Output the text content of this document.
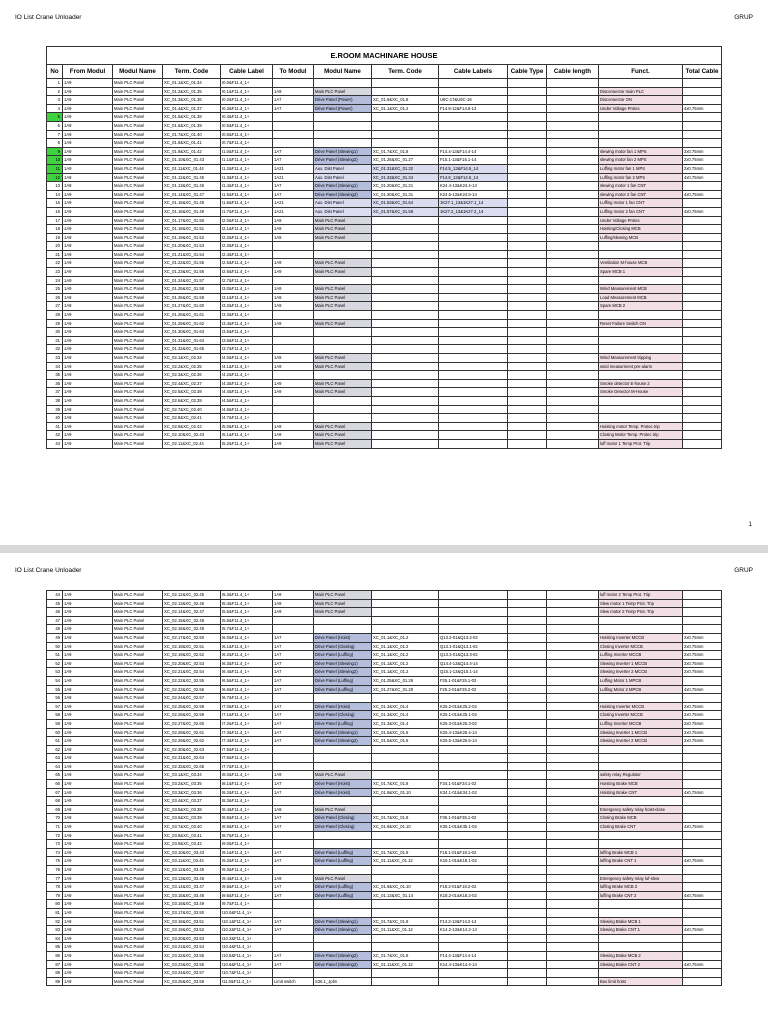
IO List Crane Unloader	GRUP
E.ROOM MACHINARE HOUSE												
No	From Modul	Modul Name	Term. Code	Cable Label	To Modul	Modul Name	Term. Code	Cable Labels	Cable Type	Cable length	Funct.	Total Cable
1	1A9	Main PLC Panel	XC_01.1&XC_01.34	I0.0&F11.4_1+								
2	1A9	Main PLC Panel	XC_01.2&XC_01.35	I0.1&F11.4_1+	1A9	Main PLC Panel					Disconnector main PLC	
3	1A9	Main PLC Panel	XC_01.3&XC_01.36	I0.2&F11.4_1+	1A7	Drive Panel (Power)	XC_01.9&XC_01.8	U6C-17&U6C-16			Disconnector ON	
4	1A9	Main PLC Panel	XC_01.4&XC_01.37	I0.3&F11.4_1+	1A7	Drive Panel (Power)	XC_01.1&XC_01.2	F14.8-12&F14.8-13			Under Voltage Protec	4x0,75mm
5	1A9	Main PLC Panel	XC_01.5&XC_01.38	I0.4&F11.4_1+								
6	1A9	Main PLC Panel	XC_01.6&XC_01.39	I0.5&F11.4_1+								
7	1A9	Main PLC Panel	XC_01.7&XC_01.40	I0.6&F11.4_1+								
8	1A9	Main PLC Panel	XC_01.8&XC_01.41	I0.7&F11.4_1+								
9	1A9	Main PLC Panel	XC_01.9&XC_01.42	I1.0&F11.4_1+	1A7	Drive Panel (Slewing1)	XC_01.7&XC_01.8	F14.4-13&F14.4-14			slewing motor fan 1 MPS	2x0.75mm
10	1A9	Main PLC Panel	XC_01.10&XC_01.43	I1.1&F11.4_1+	1A7	Drive Panel (Slewing2)	XC_01.26&XC_01.27	F15.1-13&F15.1-14			slewing motor fan 2 MPS	2x0.75mm
11	1A9	Main PLC Panel	XC_01.11&XC_01.44	I1.2&F11.4_1+	1A21	Aux. Dist Panel	XC_01.31&XC_01.32	F14.5_13&F14.5_14			Luffing motor fan 1 MPS	2x0.75mm
12	1A9	Main PLC Panel	XC_01.12&XC_01.45	I1.3&F11.4_1+	1A21	Aux. Dist Panel	XC_01.33&XC_01.34	F14.6_13&F14.6_14			Luffing motor fan 2 MPS	4x0,75mm
13	1A9	Main PLC Panel	XC_01.13&XC_01.46	I1.4&F11.4_1+	1A7	Drive Panel (Slewing1)	XC_01.20&XC_01.21	K24.4-13&K24.4-14			slewing motor 1 fan CNT	
14	1A9	Main PLC Panel	XC_01.14&XC_01.47	I1.5&F11.4_1+	1A7	Drive Panel (Slewing2)	XC_01.30&XC_01.31	K24.5-13&K24.5-14			slewing motor 2 fan CNT	4x0,75mm
15	1A9	Main PLC Panel	XC_01.15&XC_01.48	I1.6&F11.4_1+	1A21	Aux. Dist Panel	XC_01.53&XC_01.54	1K27.1_13&1K27.1_14			Luffing motor 1 fan CNT	
16	1A9	Main PLC Panel	XC_01.16&XC_01.49	I1.7&F11.4_1+	1A21	Aux. Dist Panel	XC_01.57&XC_01.58	1K27.2_13&1K27.2_14			Luffing motor 2 fan CNT	4x0,75mm
17	1A9	Main PLC Panel	XC_01.17&XC_01.50	I2.0&F11.4_1+	1A9	Main PLC Panel					Under Voltage Protec	
18	1A9	Main PLC Panel	XC_01.18&XC_01.51	I2.1&F11.4_1+	1A9	Main PLC Panel					Hoisting/Closing MCB	
19	1A9	Main PLC Panel	XC_01.19&XC_01.52	I2.2&F11.4_1+	1A9	Main PLC Panel					Luffing/slewing MCB	
20	1A9	Main PLC Panel	XC_01.20&XC_01.53	I2.3&F11.4_1+								
21	1A9	Main PLC Panel	XC_01.21&XC_01.54	I2.4&F11.4_1+								
22	1A9	Main PLC Panel	XC_01.22&XC_01.55	I2.5&F11.4_1+	1A9	Main PLC Panel					Ventilation M-house MCB	
23	1A9	Main PLC Panel	XC_01.23&XC_01.56	I2.6&F11.4_1+	1A9	Main PLC Panel					Spare MCB 1	
24	1A9	Main PLC Panel	XC_01.24&XC_01.57	I2.7&F11.4_1+								
25	1A9	Main PLC Panel	XC_01.25&XC_01.58	I3.0&F11.4_1+	1A9	Main PLC Panel					Wind Measurement MCB	
26	1A9	Main PLC Panel	XC_01.26&XC_01.59	I3.1&F11.4_1+	1A9	Main PLC Panel					Load Measurement MCB	
27	1A9	Main PLC Panel	XC_01.27&XC_01.60	I3.2&F11.4_1+	1A9	Main PLC Panel					Spare MCB 2	
28	1A9	Main PLC Panel	XC_01.28&XC_01.61	I3.3&F11.4_1+								
29	1A9	Main PLC Panel	XC_01.29&XC_01.62	I3.4&F11.4_1+	1A9	Main PLC Panel					Reset Failure Switch ON	
30	1A9	Main PLC Panel	XC_01.30&XC_01.63	I3.5&F11.4_1+								
31	1A9	Main PLC Panel	XC_01.31&XC_01.64	I3.6&F11.4_1+								
32	1A9	Main PLC Panel	XC_01.32&XC_01.65	I3.7&F11.4_1+								
33	1A9	Main PLC Panel	XC_02.1&XC_02.34	I4.0&F11.4_1+	1A9	Main PLC Panel					Wind Measurement tripping	
34	1A9	Main PLC Panel	XC_02.2&XC_02.35	I4.1&F11.4_1+	1A9	Main PLC Panel					wind measurment pre-alarm	
35	1A9	Main PLC Panel	XC_02.3&XC_02.36	I4.2&F11.4_1+								
36	1A9	Main PLC Panel	XC_02.4&XC_02.37	I4.3&F11.4_1+	1A9	Main PLC Panel					Smoke detector E-house 2	
37	1A9	Main PLC Panel	XC_02.5&XC_02.38	I4.4&F11.4_1+	1A9	Main PLC Panel					Smoke Detector M-House	
38	1A9	Main PLC Panel	XC_02.6&XC_02.39	I4.5&F11.4_1+								
39	1A9	Main PLC Panel	XC_02.7&XC_02.40	I4.6&F11.4_1+								
40	1A9	Main PLC Panel	XC_02.8&XC_02.41	I4.7&F11.4_1+								
41	1A9	Main PLC Panel	XC_02.9&XC_02.42	I5.0&F11.4_1+	1A9	Main PLC Panel					Hoisting motor Temp. Protec trip	
42	1A9	Main PLC Panel	XC_02.10&XC_02.43	I5.1&F11.4_1+	1A9	Main PLC Panel					Closing Motor Temp. Protec trip	
43	1A9	Main PLC Panel	XC_02.11&XC_02.44	I5.2&F11.4_1+	1A9	Main PLC Panel					luff motor 1 Temp Prot. Trip	
1
IO List Crane Unloader	GRUP
44	1A9	Main PLC Panel	XC_02.12&XC_02.45	I5.3&F11.4_1+	1A9	Main PLC Panel					luff motor 2 Temp Prot. Trip	
45	1A9	Main PLC Panel	XC_02.13&XC_02.46	I5.4&F11.4_1+	1A9	Main PLC Panel					Slew motor 1 Temp Prot. Trip	
46	1A9	Main PLC Panel	XC_02.14&XC_02.47	I5.5&F11.4_1+	1A9	Main PLC Panel					Slew motor 2 Temp Prot. Trip	
47	1A9	Main PLC Panel	XC_02.15&XC_02.48	I5.6&F11.4_1+								
48	1A9	Main PLC Panel	XC_02.16&XC_02.49	I5.7&F11.4_1+								
49	1A9	Main PLC Panel	XC_02.17&XC_02.50	I6.0&F11.4_1+	1A7	Drive Panel (Hoist)	XC_01.1&XC_01.2	Q13.2-01&Q13.2-02			Hoisting Inverter MCCB	2x0.75mm
50	1A9	Main PLC Panel	XC_02.18&XC_02.51	I6.1&F11.4_1+	1A7	Drive Panel (Closing)	XC_01.1&XC_01.2	Q13.1-01&Q13.1-02			Closing Inverter MCCB	2x0.75mm
51	1A9	Main PLC Panel	XC_02.19&XC_02.52	I6.2&F11.4_1+	1A7	Drive Panel (Luffing)	XC_01.1&XC_01.2	Q13.3-01&Q13.3-02			Luffing Inverter MCCB	2x0.75mm
52	1A9	Main PLC Panel	XC_02.20&XC_02.53	I6.3&F11.4_1+	1A7	Drive Panel (Slewing1)	XC_01.1&XC_01.2	Q14.4-13&Q14.4-14			Slewing Inverter 1 MCCB	2x0.75mm
53	1A9	Main PLC Panel	XC_02.21&XC_02.54	I6.4&F11.4_1+	1A7	Drive Panel (Slewing2)	XC_01.1&XC_01.2	Q15.1-13&Q15.1-14			Slewing Inverter 2 MCCB	2x0.75mm
54	1A9	Main PLC Panel	XC_02.22&XC_02.55	I6.5&F11.4_1+	1A7	Drive Panel (Luffing)	XC_01.25&XC_01.26	F25.1-01&F25.1-02			Luffing Motor 1 MPCB	
55	1A9	Main PLC Panel	XC_02.23&XC_02.56	I6.6&F11.4_1+	1A7	Drive Panel (Luffing)	XC_01.27&XC_01.28	F25.2-01&F25.2-02			Luffing Motor 2 MPCB	4x0,75mm
56	1A9	Main PLC Panel	XC_02.24&XC_02.57	I6.7&F11.4_1+								
57	1A9	Main PLC Panel	XC_02.25&XC_02.58	I7.0&F11.4_1+	1A7	Drive Panel (Hoist)	XC_01.3&XC_01.4	K25.2-01&K25.2-02			Hoisting Inverter MCCB	2x0.75mm
58	1A9	Main PLC Panel	XC_02.26&XC_02.59	I7.1&F11.4_1+	1A7	Drive Panel (Closing)	XC_01.3&XC_01.4	K25.1-01&K25.1-02			Closing Inverter MCCB	2x0.75mm
59	1A9	Main PLC Panel	XC_02.27&XC_02.60	I7.2&F11.4_1+	1A7	Drive Panel (Luffing)	XC_01.3&XC_01.4	K25.3-01&K25.3-02			Luffing Inverter MCCB	2x0.75mm
60	1A9	Main PLC Panel	XC_02.28&XC_02.61	I7.3&F11.4_1+	1A7	Drive Panel (Slewing1)	XC_01.5&XC_01.6	K25.4-13&K25.4-14			Slewing Inverter 1 MCCB	2x0.75mm
61	1A9	Main PLC Panel	XC_02.29&XC_02.62	I7.4&F11.4_1+	1A7	Drive Panel (Slewing2)	XC_01.5&XC_01.6	K25.5-13&K25.5-14			Slewing Inverter 2 MCCB	2x0.75mm
62	1A9	Main PLC Panel	XC_02.30&XC_02.63	I7.5&F11.4_1+								
63	1A9	Main PLC Panel	XC_02.31&XC_02.64	I7.6&F11.4_1+								
64	1A9	Main PLC Panel	XC_02.32&XC_02.65	I7.7&F11.4_1+								
65	1A9	Main PLC Panel	XC_03.1&XC_03.34	I8.0&F11.4_1+	1A9	Main PLC Panel					safety relay Regulator	
66	1A9	Main PLC Panel	XC_03.2&XC_03.35	I8.1&F11.4_1+	1A7	Drive Panel (Hoist)	XC_01.7&XC_01.8	F34.1-01&F34.1-02			Hoisting Brake MCB	
67	1A9	Main PLC Panel	XC_03.3&XC_03.36	I8.2&F11.4_1+	1A7	Drive Panel (Hoist)	XC_01.9&XC_01.10	K34.1-01&K34.1-02			Hoisting Brake CNT	4x0,75mm
68	1A9	Main PLC Panel	XC_03.4&XC_03.37	I8.3&F11.4_1+								
69	1A9	Main PLC Panel	XC_03.5&XC_03.38	I8.4&F11.4_1+	1A9	Main PLC Panel					Emergency safety relay hoist-close	
70	1A9	Main PLC Panel	XC_03.6&XC_03.39	I8.5&F11.4_1+	1A7	Drive Panel (Closing)	XC_01.7&XC_01.8	F35.1-01&F35.1-02			Closing Brake MCB	
71	1A9	Main PLC Panel	XC_03.7&XC_03.40	I8.6&F11.4_1+	1A7	Drive Panel (Closing)	XC_01.9&XC_01.10	K35.1-01&K35.1-02			Closing Brake CNT	4x0,75mm
72	1A9	Main PLC Panel	XC_03.8&XC_03.41	I8.7&F11.4_1+								
73	1A9	Main PLC Panel	XC_03.9&XC_03.42	I9.0&F11.4_1+								
74	1A9	Main PLC Panel	XC_03.10&XC_03.43	I9.1&F11.4_1+	1A7	Drive Panel (Luffing)	XC_01.7&XC_01.8	F18.1-01&F18.1-02			luffing Brake MCB 1	
75	1A9	Main PLC Panel	XC_03.11&XC_03.44	I9.2&F11.4_1+	1A7	Drive Panel (Luffing)	XC_01.11&XC_01.12	K18.1-01&K18.1-02			luffing Brake CNT 1	4x0,75mm
76	1A9	Main PLC Panel	XC_03.12&XC_03.45	I9.3&F11.4_1+								
77	1A9	Main PLC Panel	XC_03.13&XC_03.46	I9.4&F11.4_1+	1A9	Main PLC Panel					Emergency safety relay luf-slew	
78	1A9	Main PLC Panel	XC_03.14&XC_03.47	I9.5&F11.4_1+	1A7	Drive Panel (Luffing)	XC_01.9&XC_01.10	F18.2-01&F18.2-02			luffing Brake MCB 2	
79	1A9	Main PLC Panel	XC_03.15&XC_03.48	I9.6&F11.4_1+	1A7	Drive Panel (Luffing)	XC_01.13&XC_01.14	K18.2-01&K18.2-02			luffing Brake CNT 2	4x0,75mm
80	1A9	Main PLC Panel	XC_03.16&XC_03.49	I9.7&F11.4_1+								
81	1A9	Main PLC Panel	XC_03.17&XC_03.50	I10.0&F11.4_1+								
82	1A9	Main PLC Panel	XC_03.18&XC_03.51	I10.1&F11.4_1+	1A7	Drive Panel (Slewing1)	XC_01.7&XC_01.8	F14.2-13&F14.2-14			Slewing Brake MCB 1	
83	1A9	Main PLC Panel	XC_03.19&XC_03.52	I10.2&F11.4_1+	1A7	Drive Panel (Slewing1)	XC_01.11&XC_01.12	K14.2-13&K14.2-14			Slewing Brake CNT 1	4x0,75mm
84	1A9	Main PLC Panel	XC_03.20&XC_03.53	I10.3&F11.4_1+								
85	1A9	Main PLC Panel	XC_03.21&XC_03.54	I10.4&F11.4_1+								
86	1A9	Main PLC Panel	XC_03.22&XC_03.55	I10.5&F11.4_1+	1A7	Drive Panel (Slewing2)	XC_01.7&XC_01.8	F14.4-13&F14.4-14			Slewing Brake MCB 2	
87	1A9	Main PLC Panel	XC_03.23&XC_03.56	I10.6&F11.4_1+	1A7	Drive Panel (Slewing2)	XC_01.11&XC_01.12	K14.4-13&K14.4-14			Slewing Brake CNT 2	4x0,75mm
88	1A9	Main PLC Panel	XC_03.24&XC_03.57	I10.7&F11.4_1+								
89	1A9	Main PLC Panel	XC_03.25&XC_03.58	I11.0&F11.4_1+	Limit switch	S36.1_Jplm					Box limit hoist	
